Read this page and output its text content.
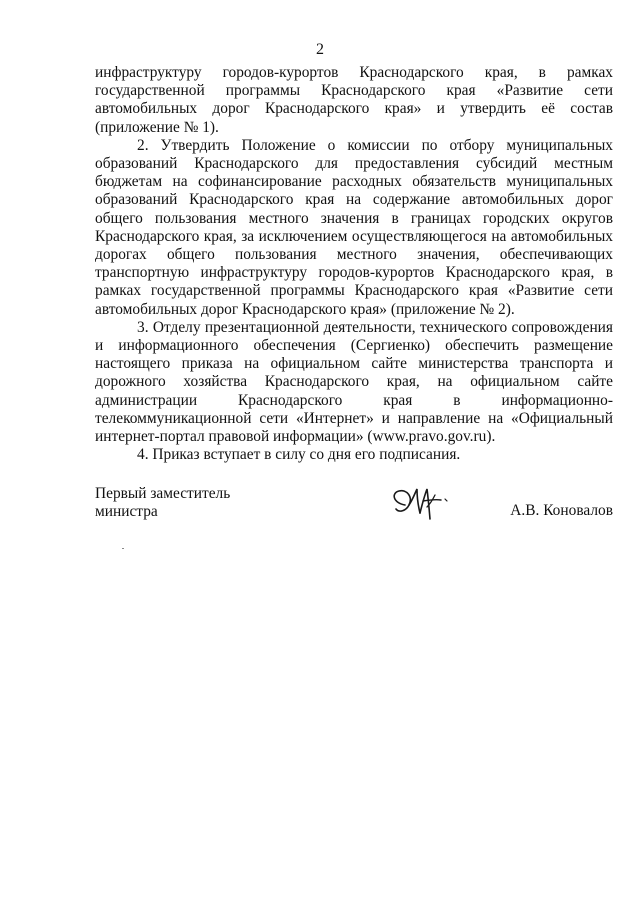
2

инфраструктуру городов-курортов Краснодарского края, в рамках государственной программы Краснодарского края «Развитие сети автомобильных дорог Краснодарского края» и утвердить её состав (приложение № 1).

2. Утвердить Положение о комиссии по отбору муниципальных образований Краснодарского для предоставления субсидий местным бюджетам на софинансирование расходных обязательств муниципальных образований Краснодарского края на содержание автомобильных дорог общего пользования местного значения в границах городских округов Краснодарского края, за исключением осуществляющегося на автомобильных дорогах общего пользования местного значения, обеспечивающих транспортную инфраструктуру городов-курортов Краснодарского края, в рамках государственной программы Краснодарского края «Развитие сети автомобильных дорог Краснодарского края» (приложение № 2).

3. Отделу презентационной деятельности, технического сопровождения и информационного обеспечения (Сергиенко) обеспечить размещение настоящего приказа на официальном сайте министерства транспорта и дорожного хозяйства Краснодарского края, на официальном сайте администрации Краснодарского края в информационно-телекоммуникационной сети «Интернет» и направление на «Официальный интернет-портал правовой информации» (www.pravo.gov.ru).

4. Приказ вступает в силу со дня его подписания.

Первый заместитель
министра	А.В. Коновалов
